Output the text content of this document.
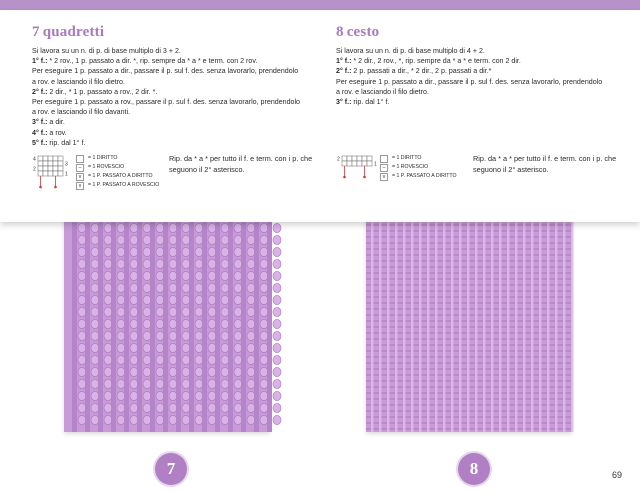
7 quadretti

Si lavora su un n. di p. di base multiplo di 3 + 2.

1° f.: * 2 rov., 1 p. passato a dir. *, rip. sempre da * a * e term. con 2 rov.

Per eseguire 1 p. passato a dir., passare il p. sul f. des. senza lavorarlo, prendendolo

a rov. e lasciando il filo dietro.

2° f.: 2 dir., * 1 p. passato a rov., 2 dir. *.

Per eseguire 1 p. passato a rov., passare il p. sul f. des. senza lavorarlo, prendendolo

a rov. e lasciando il filo davanti.

3° f.: a dir.

4° f.: a rov.

5° f.: rip. dal 1° f.

8 cesto

Si lavora su un n. di p. di base multiplo di 4 + 2.

1° f.: * 2 dir., 2 rov., *, rip. sempre da * a * e term. con 2 dir.

2° f.: 2 p. passati a dir., * 2 dir., 2 p. passati a dir.*

Per eseguire 1 p. passato a dir., passare il p. sul f. des. senza lavorarlo, prendendolo

a rov. e lasciando il filo dietro.

3° f.: rip. dal 1° f.

4
3
2
1
= 1 DIRITTO
–	= 1 ROVESCIO
v	= 1 P. PASSATO A DIRITTO
v	= 1 P. PASSATO A ROVESCIO
Rip. da * a * per tutto il f. e term. con i p. che seguono il 2° asterisco.
2
1
= 1 DIRITTO
–	= 1 ROVESCIO
v	= 1 P. PASSATO A DIRITTO
Rip. da * a * per tutto il f. e term. con i p. che seguono il 2° asterisco.
7	8	69
